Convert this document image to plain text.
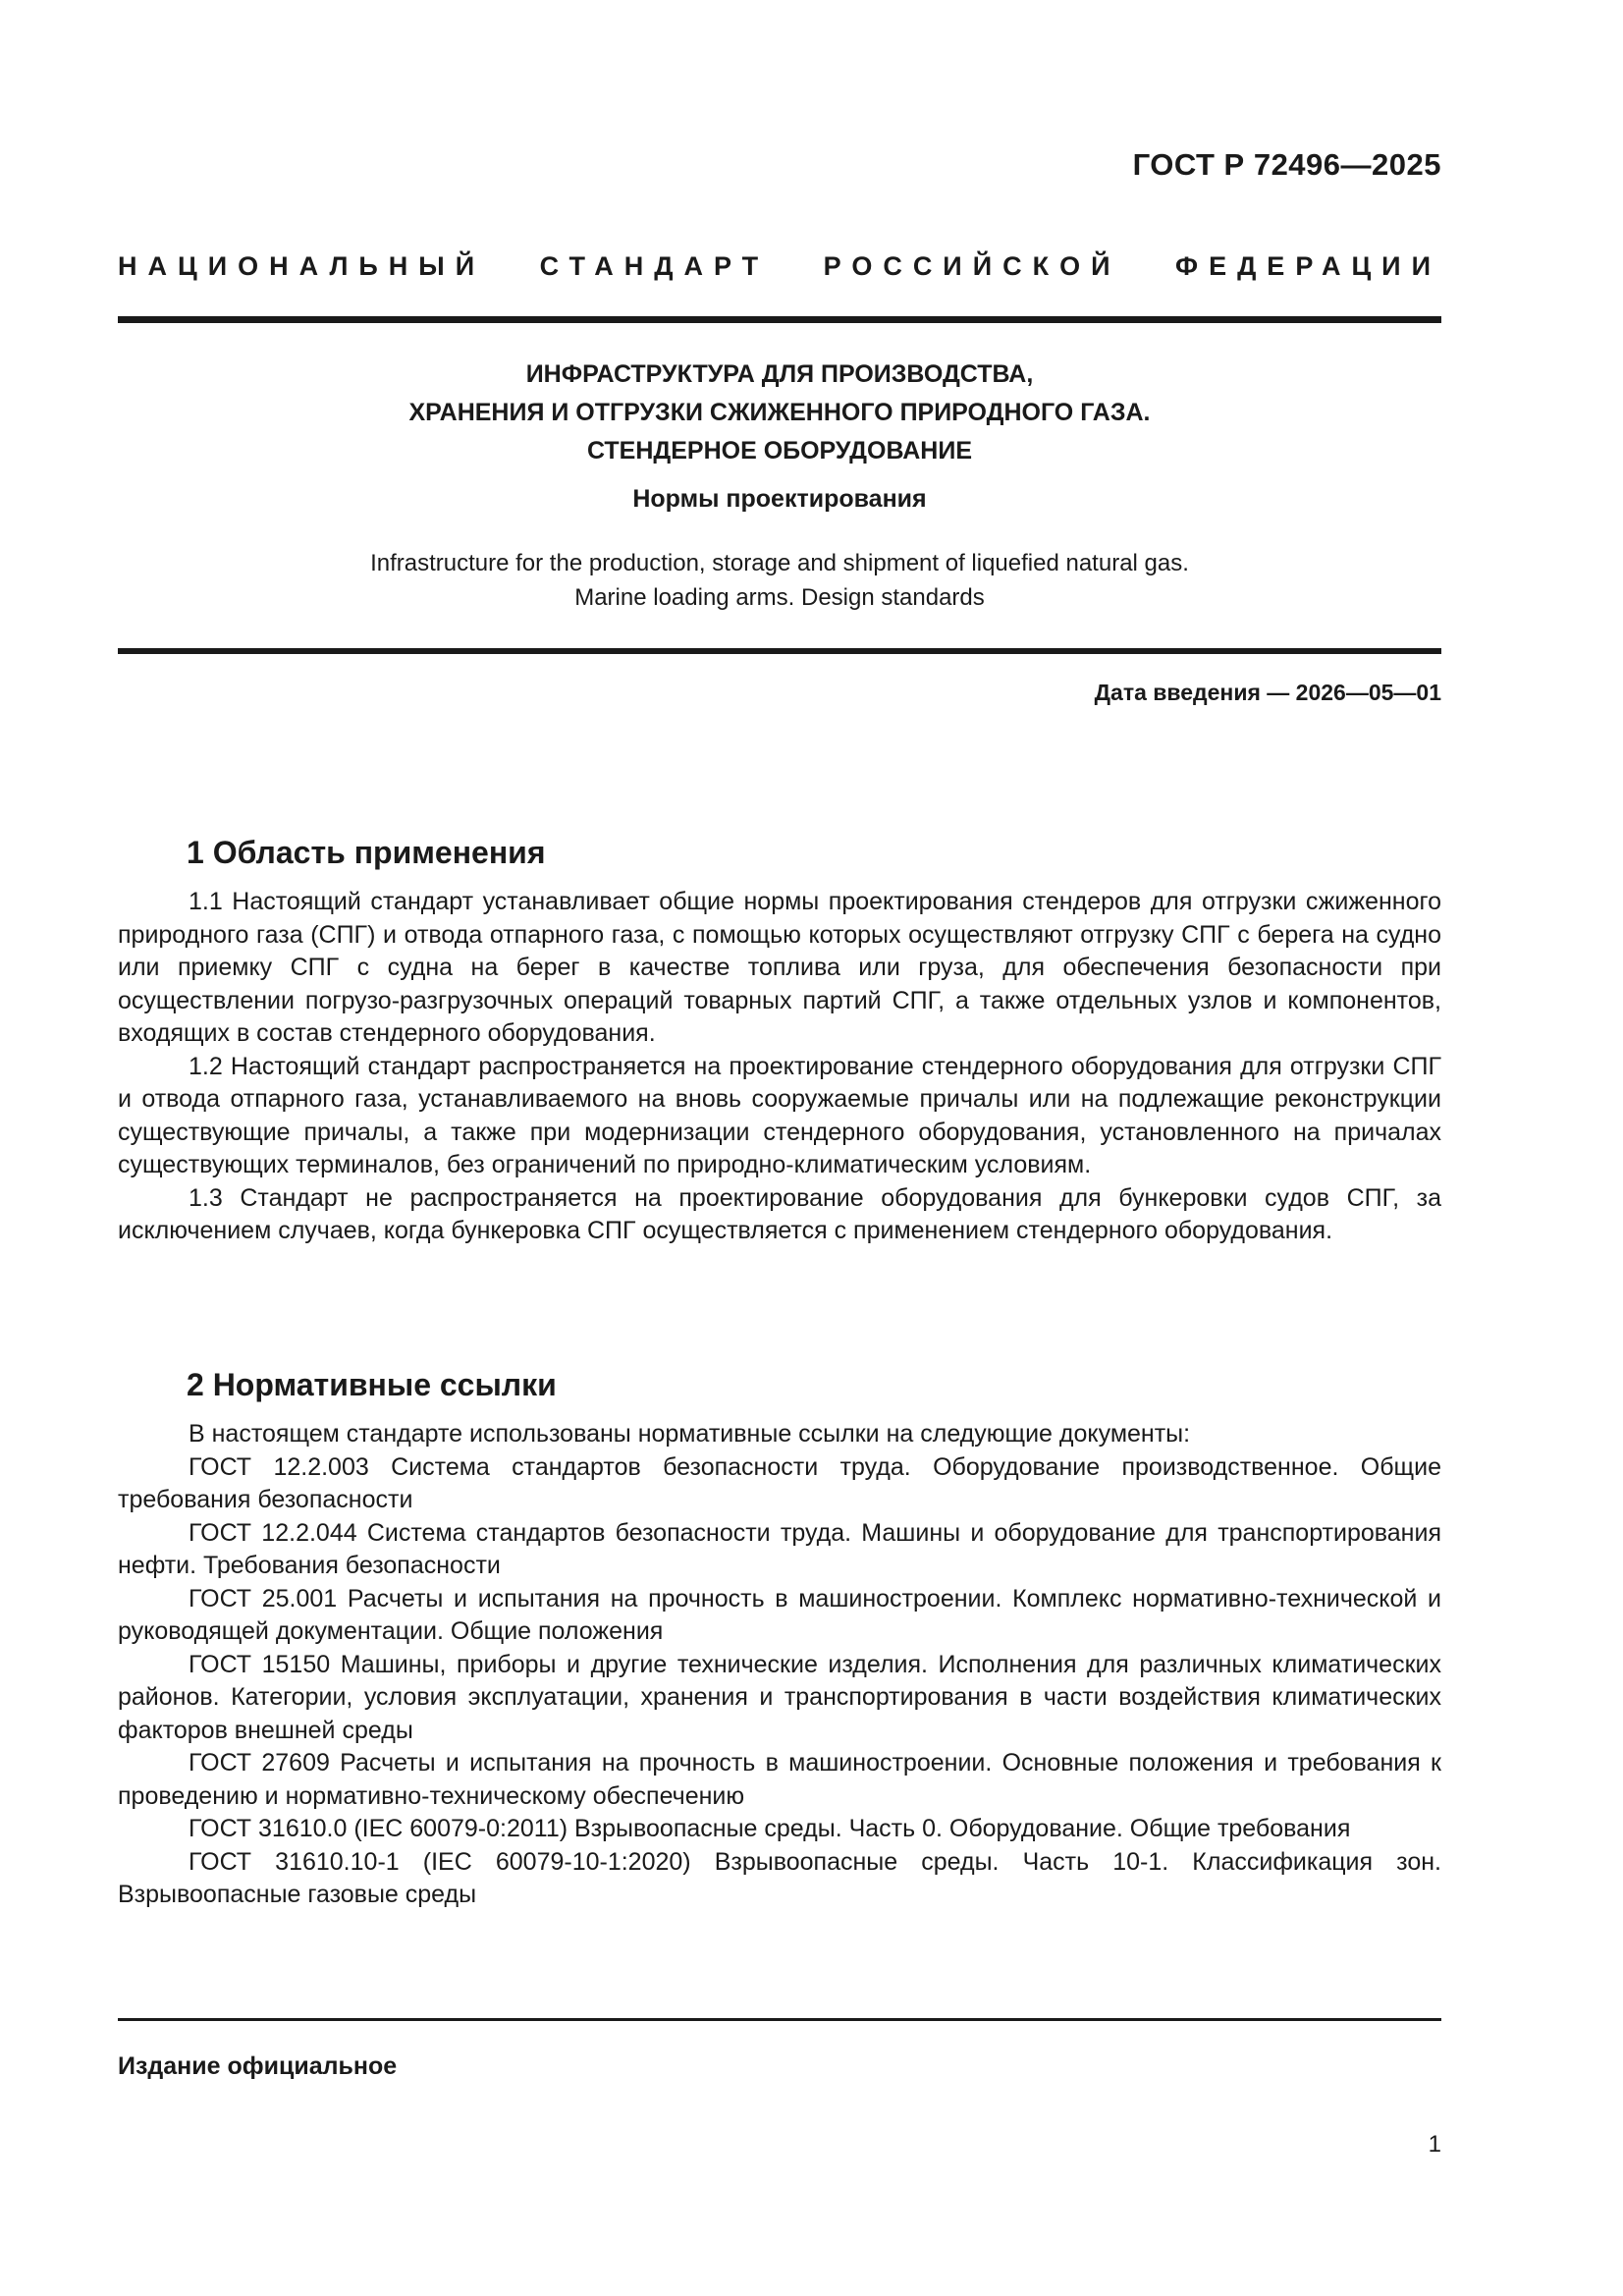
ГОСТ Р 72496—2025
НАЦИОНАЛЬНЫЙ СТАНДАРТ РОССИЙСКОЙ ФЕДЕРАЦИИ
ИНФРАСТРУКТУРА ДЛЯ ПРОИЗВОДСТВА,
ХРАНЕНИЯ И ОТГРУЗКИ СЖИЖЕННОГО ПРИРОДНОГО ГАЗА.
СТЕНДЕРНОЕ ОБОРУДОВАНИЕ
Нормы проектирования
Infrastructure for the production, storage and shipment of liquefied natural gas.
Marine loading arms. Design standards
Дата введения — 2026—05—01
1 Область применения

1.1 Настоящий стандарт устанавливает общие нормы проектирования стендеров для отгрузки сжиженного природного газа (СПГ) и отвода отпарного газа, с помощью которых осуществляют отгрузку СПГ с берега на судно или приемку СПГ с судна на берег в качестве топлива или груза, для обеспечения безопасности при осуществлении погрузо-разгрузочных операций товарных партий СПГ, а также отдельных узлов и компонентов, входящих в состав стендерного оборудования.

1.2 Настоящий стандарт распространяется на проектирование стендерного оборудования для отгрузки СПГ и отвода отпарного газа, устанавливаемого на вновь сооружаемые причалы или на подлежащие реконструкции существующие причалы, а также при модернизации стендерного оборудования, установленного на причалах существующих терминалов, без ограничений по природно-климатическим условиям.

1.3 Стандарт не распространяется на проектирование оборудования для бункеровки судов СПГ, за исключением случаев, когда бункеровка СПГ осуществляется с применением стендерного оборудования.

2 Нормативные ссылки

В настоящем стандарте использованы нормативные ссылки на следующие документы:

ГОСТ 12.2.003 Система стандартов безопасности труда. Оборудование производственное. Общие требования безопасности

ГОСТ 12.2.044 Система стандартов безопасности труда. Машины и оборудование для транспортирования нефти. Требования безопасности

ГОСТ 25.001 Расчеты и испытания на прочность в машиностроении. Комплекс нормативно-технической и руководящей документации. Общие положения

ГОСТ 15150 Машины, приборы и другие технические изделия. Исполнения для различных климатических районов. Категории, условия эксплуатации, хранения и транспортирования в части воздействия климатических факторов внешней среды

ГОСТ 27609 Расчеты и испытания на прочность в машиностроении. Основные положения и требования к проведению и нормативно-техническому обеспечению

ГОСТ 31610.0 (IEC 60079-0:2011) Взрывоопасные среды. Часть 0. Оборудование. Общие требования

ГОСТ 31610.10-1 (IEC 60079-10-1:2020) Взрывоопасные среды. Часть 10-1. Классификация зон. Взрывоопасные газовые среды

Издание официальное
1
